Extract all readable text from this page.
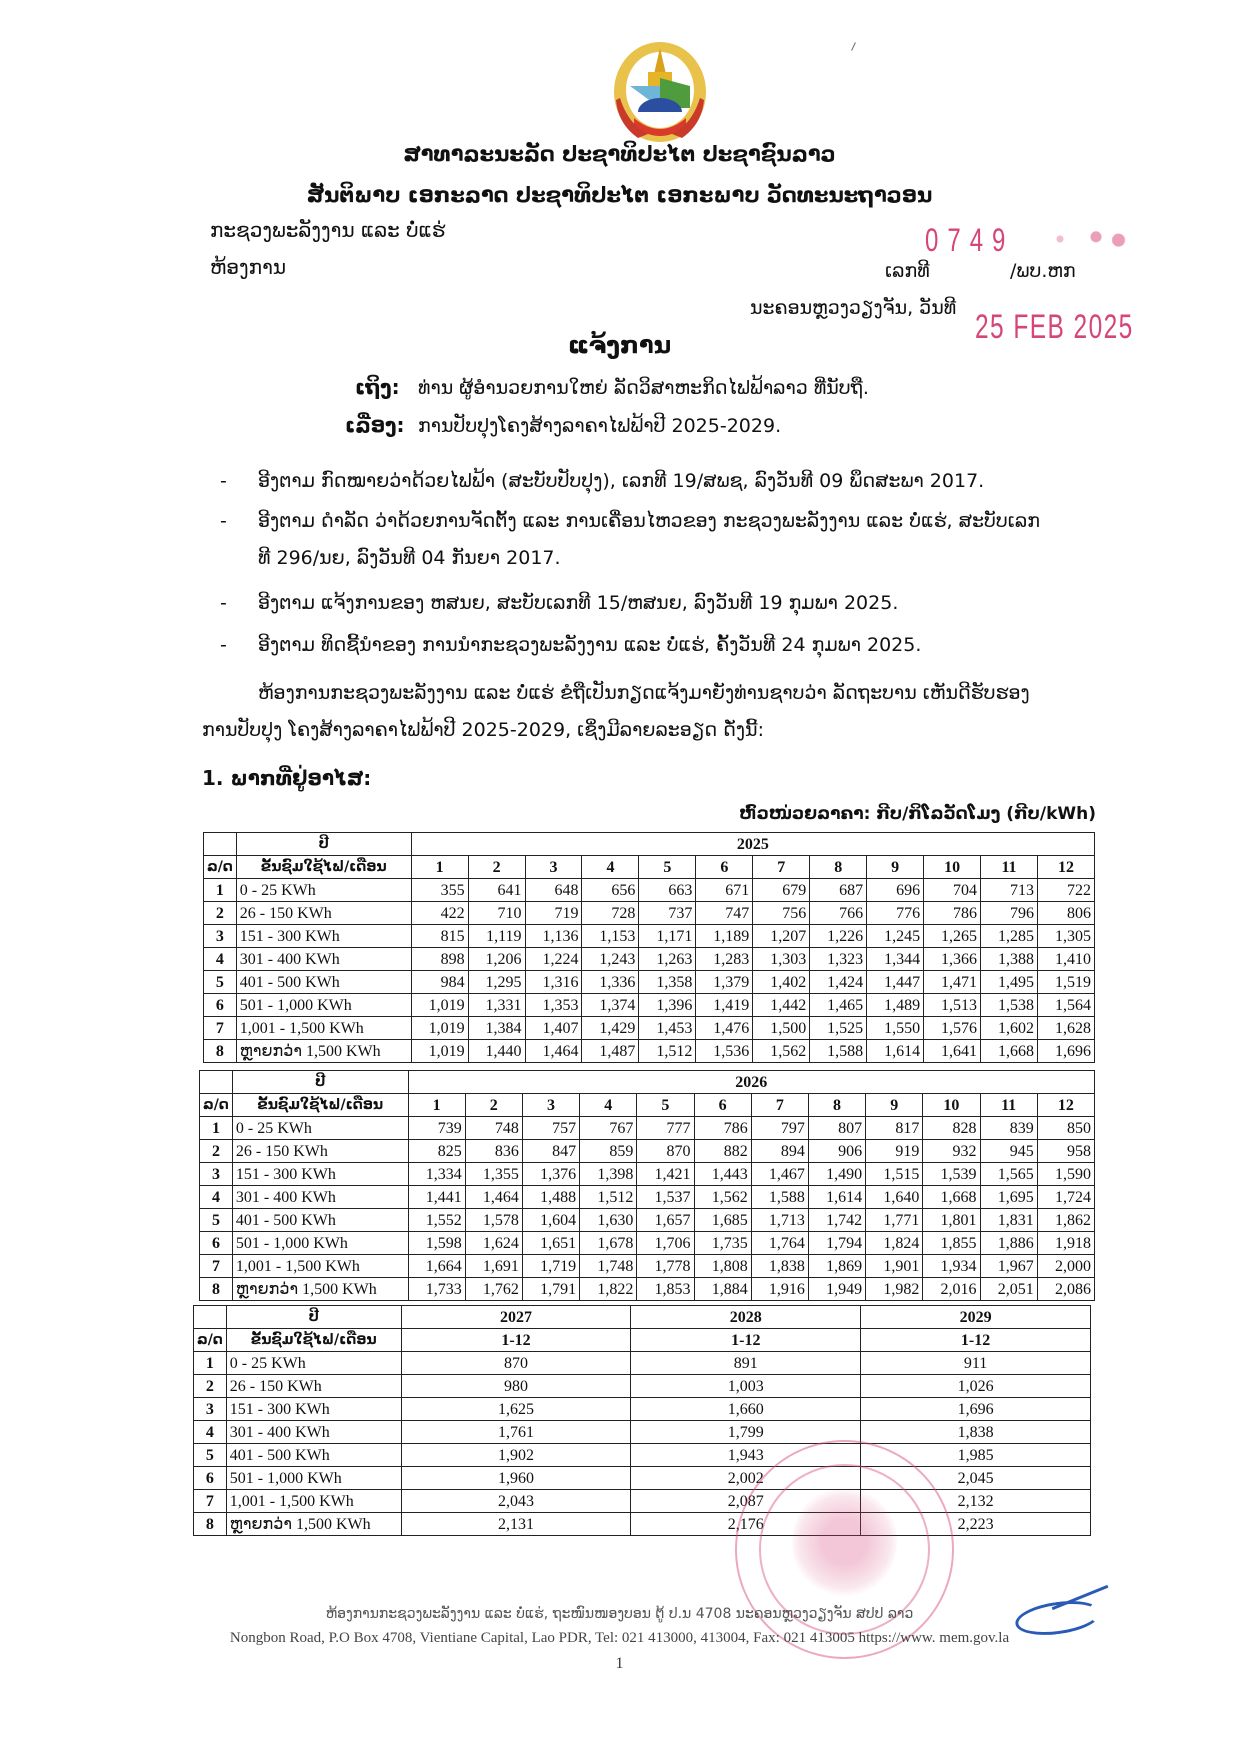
ສາທາລະນະລັດ ປະຊາທິປະໄຕ ປະຊາຊົນລາວ
ສັນຕິພາບ ເອກະລາດ ປະຊາທິປະໄຕ ເອກະພາບ ວັດທະນະຖາວອນ
ກະຊວງພະລັງງານ ແລະ ບໍ່ແຮ່
ຫ້ອງການ
0749
ເລກທີ	/ພບ.ຫກ
ນະຄອນຫຼວງວຽງຈັນ, ວັນທີ 25 FEB 2025
ແຈ້ງການ
ເຖິງ: ທ່ານ ຜູ້ອຳນວຍການໃຫຍ່ ລັດວິສາຫະກິດໄຟຟ້າລາວ ທີ່ນັບຖື.
ເລື່ອງ: ການປັບປຸງໂຄງສ້າງລາຄາໄຟຟ້າປີ 2025-2029.
- ອີງຕາມ ກົດໝາຍວ່າດ້ວຍໄຟຟ້າ (ສະບັບປັບປຸງ), ເລກທີ 19/ສພຊ, ລົງວັນທີ 09 ພຶດສະພາ 2017.
- ອີງຕາມ ດຳລັດ ວ່າດ້ວຍການຈັດຕັ້ງ ແລະ ການເຄື່ອນໄຫວຂອງ ກະຊວງພະລັງງານ ແລະ ບໍ່ແຮ່, ສະບັບເລກ
ທີ 296/ນຍ, ລົງວັນທີ 04 ກັນຍາ 2017.
- ອີງຕາມ ແຈ້ງການຂອງ ຫສນຍ, ສະບັບເລກທີ 15/ຫສນຍ, ລົງວັນທີ 19 ກຸມພາ 2025.
- ອີງຕາມ ທິດຊີ້ນຳຂອງ ການນຳກະຊວງພະລັງງານ ແລະ ບໍ່ແຮ່, ຄັ້ງວັນທີ 24 ກຸມພາ 2025.
ຫ້ອງການກະຊວງພະລັງງານ ແລະ ບໍ່ແຮ່ ຂໍຖືເປັນກຽດແຈ້ງມາຍັງທ່ານຊາບວ່າ ລັດຖະບານ ເຫັນດີຮັບຮອງ
ການປັບປຸງ ໂຄງສ້າງລາຄາໄຟຟ້າປີ 2025-2029, ເຊິ່ງມີລາຍລະອຽດ ດັ່ງນີ້:
1. ພາກທີ່ຢູ່ອາໄສ:
ຫົວໜ່ວຍລາຄາ: ກີບ/ກິໂລວັດໂມງ (ກີບ/kWh)
	ປີ	2025											
ລ/ດ	ຂັ້ນຊົມໃຊ້ໄຟ/ເດືອນ	1	2	3	4	5	6	7	8	9	10	11	12
1	0 - 25 KWh	355	641	648	656	663	671	679	687	696	704	713	722
2	26 - 150 KWh	422	710	719	728	737	747	756	766	776	786	796	806
3	151 - 300 KWh	815	1,119	1,136	1,153	1,171	1,189	1,207	1,226	1,245	1,265	1,285	1,305
4	301 - 400 KWh	898	1,206	1,224	1,243	1,263	1,283	1,303	1,323	1,344	1,366	1,388	1,410
5	401 - 500 KWh	984	1,295	1,316	1,336	1,358	1,379	1,402	1,424	1,447	1,471	1,495	1,519
6	501 - 1,000 KWh	1,019	1,331	1,353	1,374	1,396	1,419	1,442	1,465	1,489	1,513	1,538	1,564
7	1,001 - 1,500 KWh	1,019	1,384	1,407	1,429	1,453	1,476	1,500	1,525	1,550	1,576	1,602	1,628
8	ຫຼາຍກວ່າ 1,500 KWh	1,019	1,440	1,464	1,487	1,512	1,536	1,562	1,588	1,614	1,641	1,668	1,696
	ປີ	2026											
ລ/ດ	ຂັ້ນຊົມໃຊ້ໄຟ/ເດືອນ	1	2	3	4	5	6	7	8	9	10	11	12
1	0 - 25 KWh	739	748	757	767	777	786	797	807	817	828	839	850
2	26 - 150 KWh	825	836	847	859	870	882	894	906	919	932	945	958
3	151 - 300 KWh	1,334	1,355	1,376	1,398	1,421	1,443	1,467	1,490	1,515	1,539	1,565	1,590
4	301 - 400 KWh	1,441	1,464	1,488	1,512	1,537	1,562	1,588	1,614	1,640	1,668	1,695	1,724
5	401 - 500 KWh	1,552	1,578	1,604	1,630	1,657	1,685	1,713	1,742	1,771	1,801	1,831	1,862
6	501 - 1,000 KWh	1,598	1,624	1,651	1,678	1,706	1,735	1,764	1,794	1,824	1,855	1,886	1,918
7	1,001 - 1,500 KWh	1,664	1,691	1,719	1,748	1,778	1,808	1,838	1,869	1,901	1,934	1,967	2,000
8	ຫຼາຍກວ່າ 1,500 KWh	1,733	1,762	1,791	1,822	1,853	1,884	1,916	1,949	1,982	2,016	2,051	2,086
	ປີ	2027	2028	2029
ລ/ດ	ຂັ້ນຊົມໃຊ້ໄຟ/ເດືອນ	1-12	1-12	1-12
1	0 - 25 KWh	870	891	911
2	26 - 150 KWh	980	1,003	1,026
3	151 - 300 KWh	1,625	1,660	1,696
4	301 - 400 KWh	1,761	1,799	1,838
5	401 - 500 KWh	1,902	1,943	1,985
6	501 - 1,000 KWh	1,960	2,002	2,045
7	1,001 - 1,500 KWh	2,043	2,087	2,132
8	ຫຼາຍກວ່າ 1,500 KWh	2,131	2,176	2,223
ຫ້ອງການກະຊວງພະລັງງານ ແລະ ບໍ່ແຮ່, ຖະໜົນໜອງບອນ ຕູ້ ປ.ນ 4708 ນະຄອນຫຼວງວຽງຈັນ ສປປ ລາວ
Nongbon Road, P.O Box 4708, Vientiane Capital, Lao PDR, Tel: 021 413000, 413004, Fax: 021 413005 https://www. mem.gov.la
1
